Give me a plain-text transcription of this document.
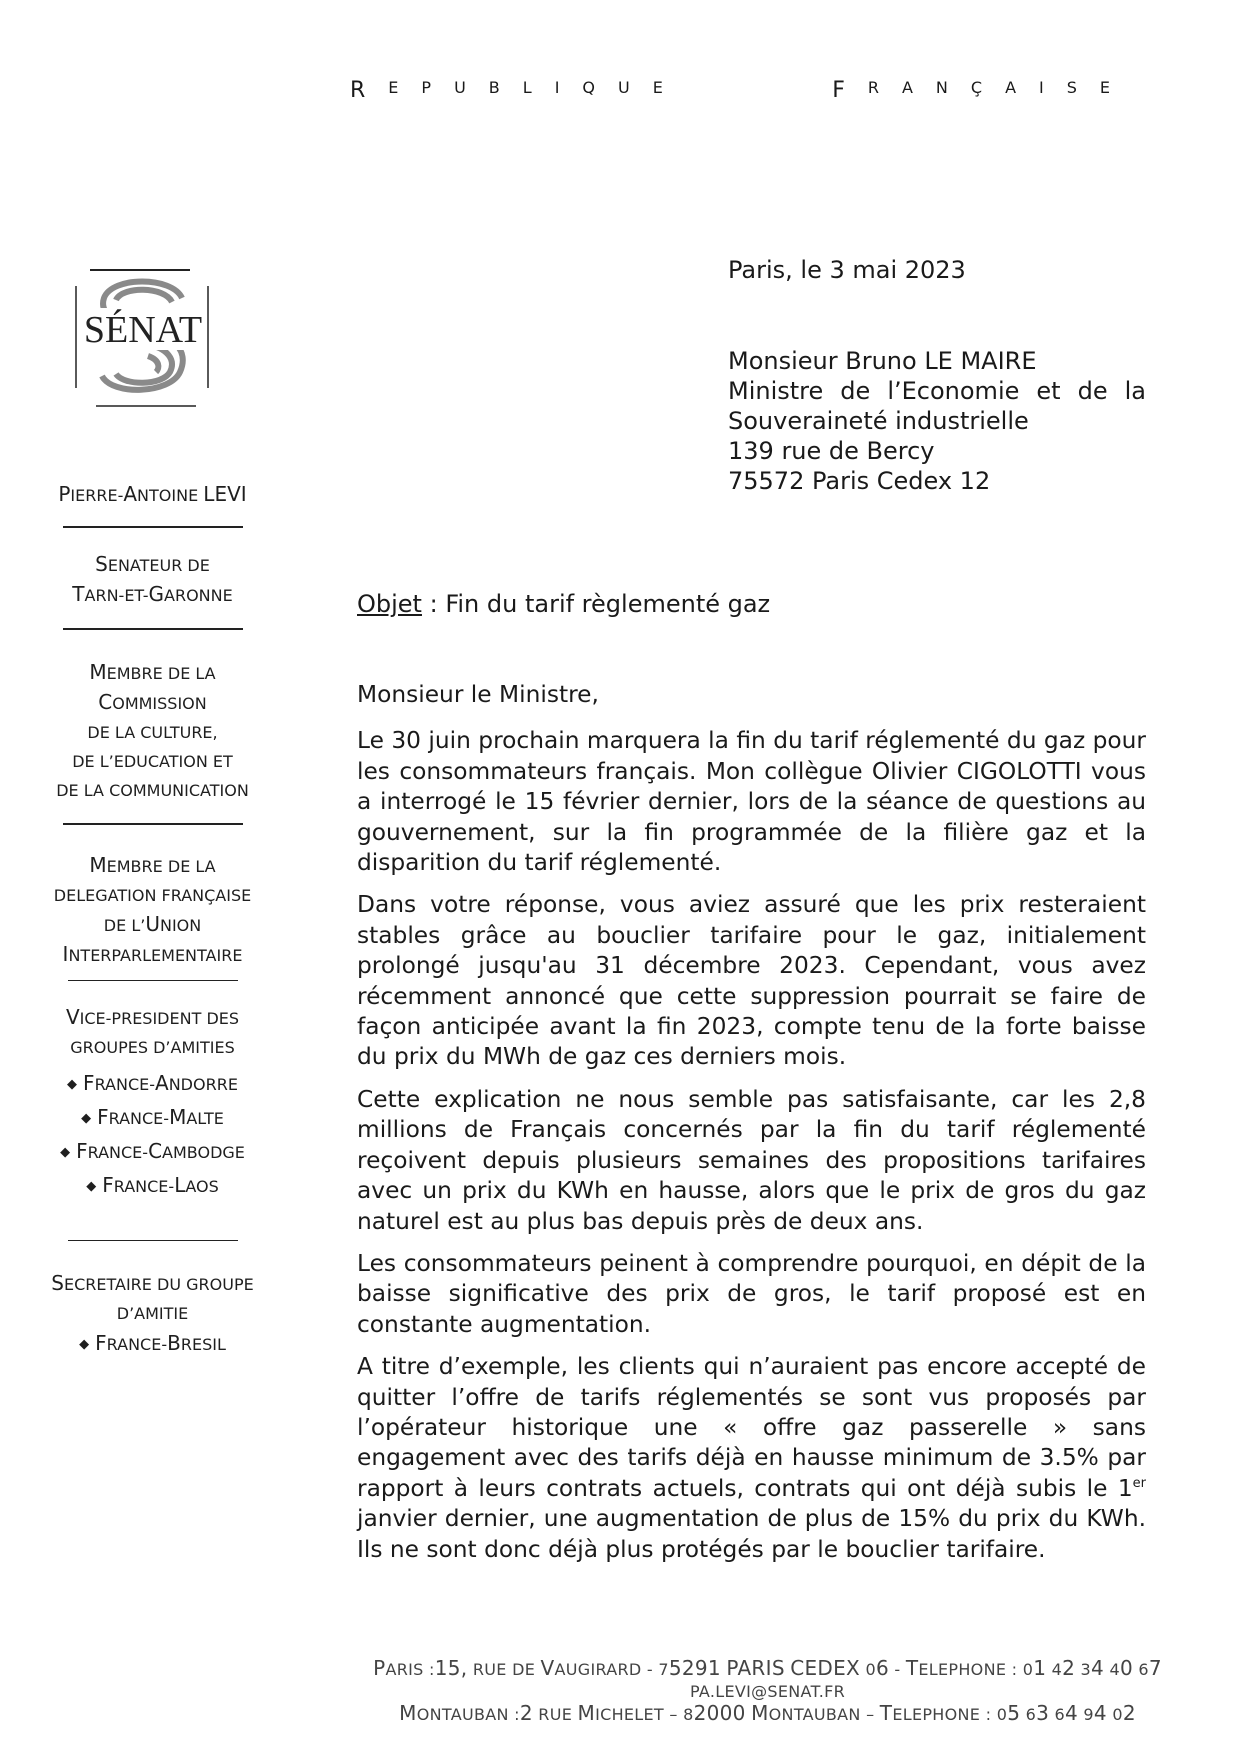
R E P U B L I Q U E	F R A N Ç A I S E
SÉNAT
PIERRE-ANTOINE LEVI
SENATEUR DE
TARN-ET-GARONNE
MEMBRE DE LA
COMMISSION
DE LA CULTURE,
DE L’EDUCATION ET
DE LA COMMUNICATION
MEMBRE DE LA
DELEGATION FRANÇAISE
DE L’UNION
INTERPARLEMENTAIRE
VICE-PRESIDENT DES
GROUPES D’AMITIES
◆ FRANCE-ANDORRE
◆ FRANCE-MALTE
◆ FRANCE-CAMBODGE
◆ FRANCE-LAOS
SECRETAIRE DU GROUPE
D’AMITIE
◆ FRANCE-BRESIL
Paris, le 3 mai 2023
Monsieur Bruno LE MAIRE
Ministre de l’Economie et de la
Souveraineté industrielle
139 rue de Bercy
75572 Paris Cedex 12
Objet : Fin du tarif règlementé gaz

Monsieur le Ministre,

Le 30 juin prochain marquera la fin du tarif réglementé du gaz pour les consommateurs français. Mon collègue Olivier CIGOLOTTI vous a interrogé le 15 février dernier, lors de la séance de questions au gouvernement, sur la fin programmée de la filière gaz et la disparition du tarif réglementé.

Dans votre réponse, vous aviez assuré que les prix resteraient stables grâce au bouclier tarifaire pour le gaz, initialement prolongé jusqu'au 31 décembre 2023. Cependant, vous avez récemment annoncé que cette suppression pourrait se faire de façon anticipée avant la fin 2023, compte tenu de la forte baisse du prix du MWh de gaz ces derniers mois.

Cette explication ne nous semble pas satisfaisante, car les 2,8 millions de Français concernés par la fin du tarif réglementé reçoivent depuis plusieurs semaines des propositions tarifaires avec un prix du KWh en hausse, alors que le prix de gros du gaz naturel est au plus bas depuis près de deux ans.

Les consommateurs peinent à comprendre pourquoi, en dépit de la baisse significative des prix de gros, le tarif proposé est en constante augmentation.

A titre d’exemple, les clients qui n’auraient pas encore accepté de quitter l’offre de tarifs réglementés se sont vus proposés par l’opérateur historique une « offre gaz passerelle » sans engagement avec des tarifs déjà en hausse minimum de 3.5% par rapport à leurs contrats actuels, contrats qui ont déjà subis le 1er janvier dernier, une augmentation de plus de 15% du prix du KWh. Ils ne sont donc déjà plus protégés par le bouclier tarifaire.

PARIS :15, RUE DE VAUGIRARD - 75291 PARIS CEDEX 06 - TELEPHONE : 01 42 34 40 67 PA.LEVI@SENAT.FR
MONTAUBAN :2 RUE MICHELET – 82000 MONTAUBAN – TELEPHONE : 05 63 64 94 02
